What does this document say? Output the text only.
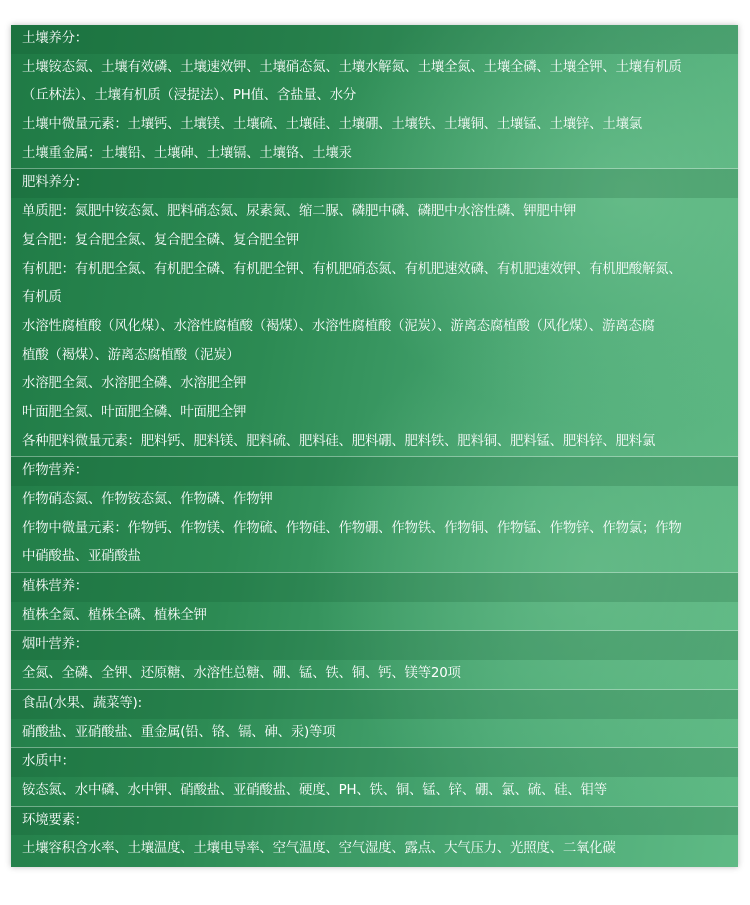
土壤养分：
土壤铵态氮、土壤有效磷、土壤速效钾、土壤硝态氮、土壤水解氮、土壤全氮、土壤全磷、土壤全钾、土壤有机质
（丘林法）、土壤有机质（浸提法）、PH值、含盐量、水分
土壤中微量元素：土壤钙、土壤镁、土壤硫、土壤硅、土壤硼、土壤铁、土壤铜、土壤锰、土壤锌、土壤氯
土壤重金属：土壤铅、土壤砷、土壤镉、土壤铬、土壤汞
肥料养分：
单质肥：氮肥中铵态氮、肥料硝态氮、尿素氮、缩二脲、磷肥中磷、磷肥中水溶性磷、钾肥中钾
复合肥：复合肥全氮、复合肥全磷、复合肥全钾
有机肥：有机肥全氮、有机肥全磷、有机肥全钾、有机肥硝态氮、有机肥速效磷、有机肥速效钾、有机肥酸解氮、
有机质
水溶性腐植酸（风化煤）、水溶性腐植酸（褐煤）、水溶性腐植酸（泥炭）、游离态腐植酸（风化煤）、游离态腐
植酸（褐煤）、游离态腐植酸（泥炭）
水溶肥全氮、水溶肥全磷、水溶肥全钾
叶面肥全氮、叶面肥全磷、叶面肥全钾
各种肥料微量元素：肥料钙、肥料镁、肥料硫、肥料硅、肥料硼、肥料铁、肥料铜、肥料锰、肥料锌、肥料氯
作物营养：
作物硝态氮、作物铵态氮、作物磷、作物钾
作物中微量元素：作物钙、作物镁、作物硫、作物硅、作物硼、作物铁、作物铜、作物锰、作物锌、作物氯；作物
中硝酸盐、亚硝酸盐
植株营养：
植株全氮、植株全磷、植株全钾
烟叶营养：
全氮、全磷、全钾、还原糖、水溶性总糖、硼、锰、铁、铜、钙、镁等20项
食品(水果、蔬菜等):
硝酸盐、亚硝酸盐、重金属(铅、铬、镉、砷、汞)等项
水质中：
铵态氮、水中磷、水中钾、硝酸盐、亚硝酸盐、硬度、PH、铁、铜、锰、锌、硼、氯、硫、硅、钼等
环境要素：
土壤容积含水率、土壤温度、土壤电导率、空气温度、空气湿度、露点、大气压力、光照度、二氧化碳
